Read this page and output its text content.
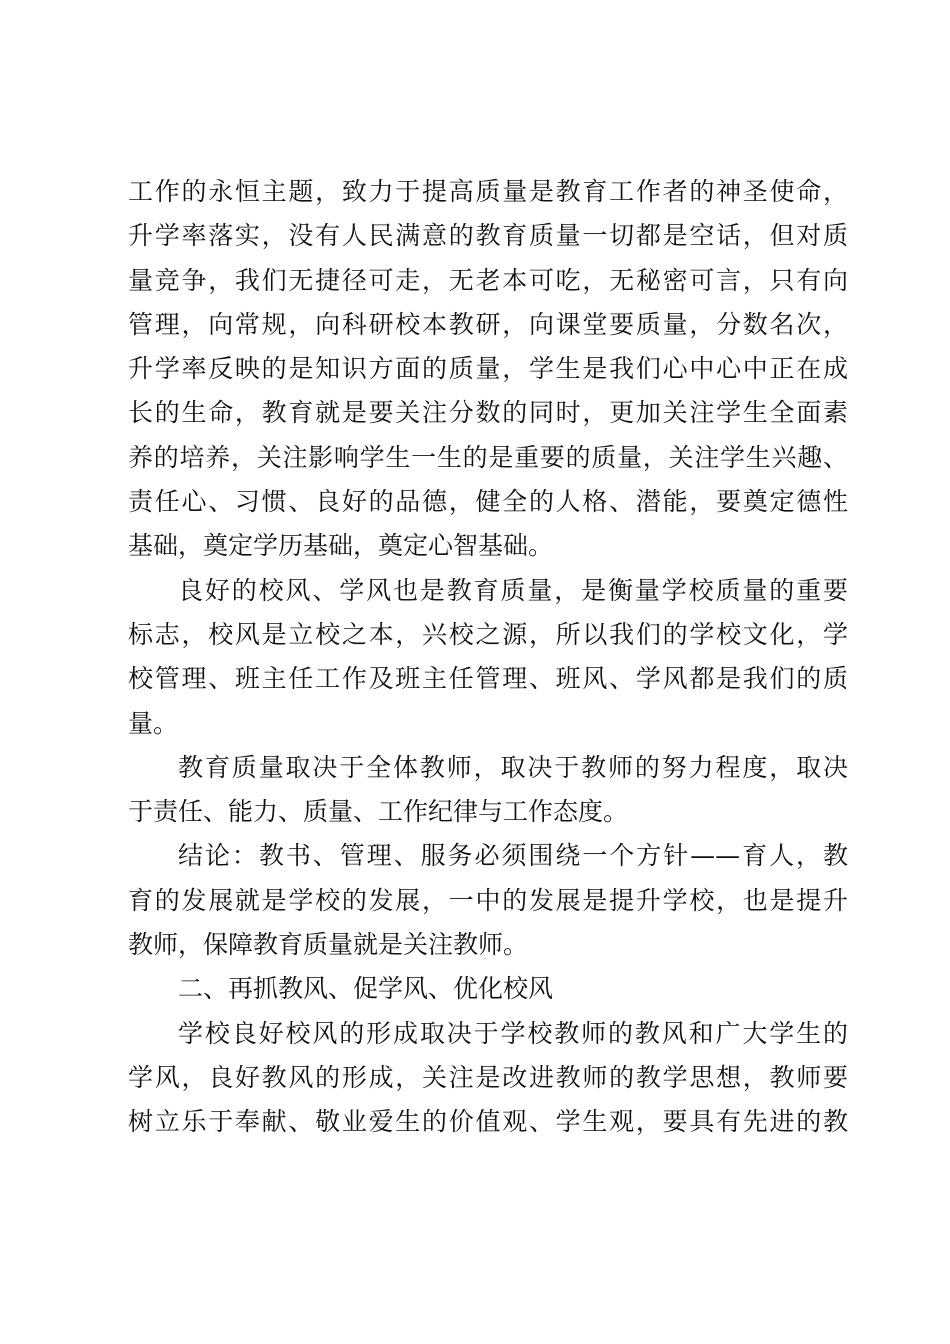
工作的永恒主题，致力于提高质量是教育工作者的神圣使命，
升学率落实，没有人民满意的教育质量一切都是空话，但对质
量竞争，我们无捷径可走，无老本可吃，无秘密可言，只有向
管理，向常规，向科研校本教研，向课堂要质量，分数名次，
升学率反映的是知识方面的质量，学生是我们心中心中正在成
长的生命，教育就是要关注分数的同时，更加关注学生全面素
养的培养，关注影响学生一生的是重要的质量，关注学生兴趣、
责任心、习惯、良好的品德，健全的人格、潜能，要奠定德性
基础，奠定学历基础，奠定心智基础。
良好的校风、学风也是教育质量，是衡量学校质量的重要
标志，校风是立校之本，兴校之源，所以我们的学校文化，学
校管理、班主任工作及班主任管理、班风、学风都是我们的质
量。
教育质量取决于全体教师，取决于教师的努力程度，取决
于责任、能力、质量、工作纪律与工作态度。
结论：教书、管理、服务必须围绕一个方针——育人，教
育的发展就是学校的发展，一中的发展是提升学校，也是提升
教师，保障教育质量就是关注教师。
二、再抓教风、促学风、优化校风
学校良好校风的形成取决于学校教师的教风和广大学生的
学风，良好教风的形成，关注是改进教师的教学思想，教师要
树立乐于奉献、敬业爱生的价值观、学生观，要具有先进的教
